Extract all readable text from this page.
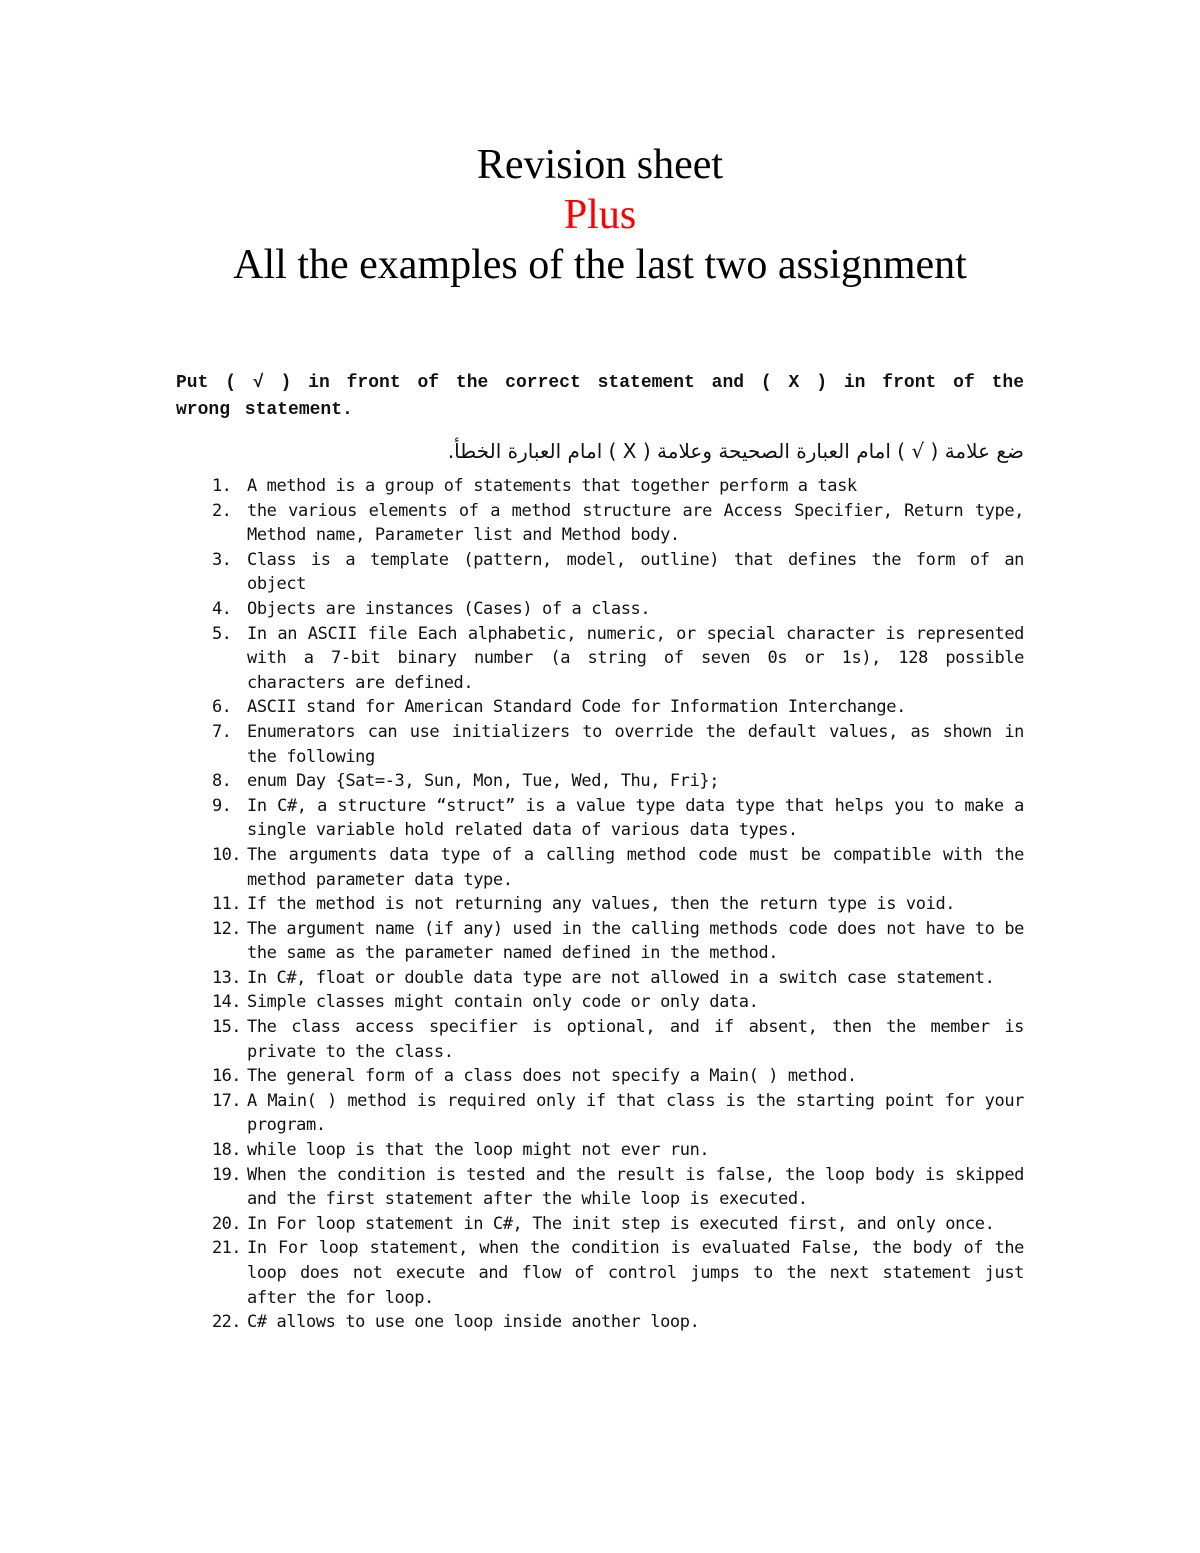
Revision sheet
Plus
All the examples of the last two assignment
Put ( √ ) in front of the correct statement and ( X ) in front of the wrong statement.
ضع علامة ( √ ) امام العبارة الصحيحة وعلامة ( X ) امام العبارة الخطأ.
1. A method is a group of statements that together perform a task
2. the various elements of a method structure are Access Specifier, Return type, Method name, Parameter list and Method body.
3. Class is a template (pattern, model, outline) that defines the form of an object
4. Objects are instances (Cases) of a class.
5. In an ASCII file Each alphabetic, numeric, or special character is represented with a 7-bit binary number (a string of seven 0s or 1s), 128 possible characters are defined.
6. ASCII stand for American Standard Code for Information Interchange.
7. Enumerators can use initializers to override the default values, as shown in the following
8. enum Day {Sat=-3, Sun, Mon, Tue, Wed, Thu, Fri};
9. In C#, a structure “struct” is a value type data type that helps you to make a single variable hold related data of various data types.
10. The arguments data type of a calling method code must be compatible with the method parameter data type.
11. If the method is not returning any values, then the return type is void.
12. The argument name (if any) used in the calling methods code does not have to be the same as the parameter named defined in the method.
13. In C#, float or double data type are not allowed in a switch case statement.
14. Simple classes might contain only code or only data.
15. The class access specifier is optional, and if absent, then the member is private to the class.
16. The general form of a class does not specify a Main( ) method.
17. A Main( ) method is required only if that class is the starting point for your program.
18. while loop is that the loop might not ever run.
19. When the condition is tested and the result is false, the loop body is skipped and the first statement after the while loop is executed.
20. In For loop statement in C#, The init step is executed first, and only once.
21. In For loop statement, when the condition is evaluated False, the body of the loop does not execute and flow of control jumps to the next statement just after the for loop.
22. C# allows to use one loop inside another loop.
